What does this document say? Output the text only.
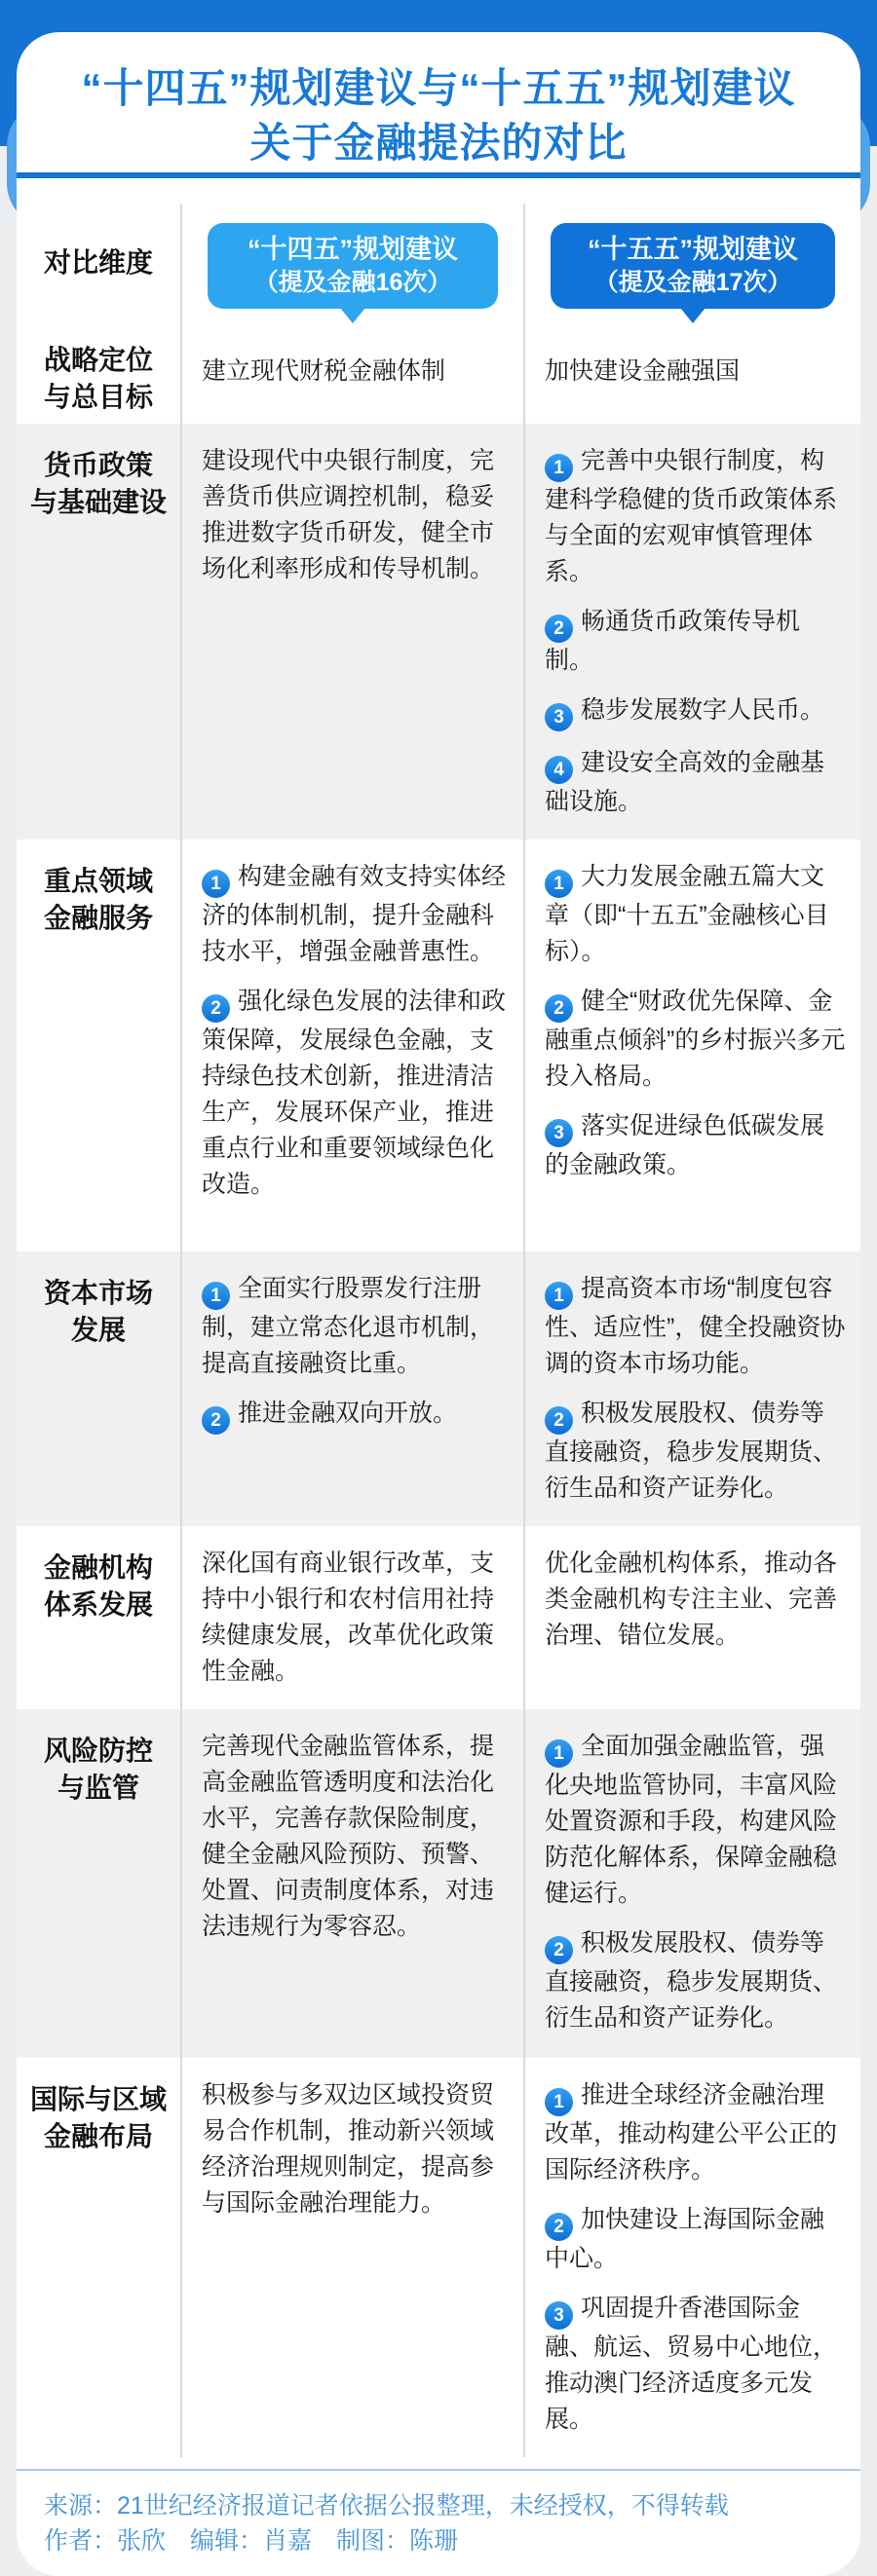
“十四五”规划建议与“十五五”规划建议
关于金融提法的对比
对比维度	“十四五”规划建议
（提及金融16次）
“十五五”规划建议
（提及金融17次）
战略定位
与总目标
建立现代财税金融体制	加快建设金融强国
货币政策
与基础建设
建设现代中央银行制度，完善货币供应调控机制，稳妥推进数字货币研发，健全市场化利率形成和传导机制。
1 完善中央银行制度，构建科学稳健的货币政策体系与全面的宏观审慎管理体系。
2 畅通货币政策传导机制。
3 稳步发展数字人民币。
4 建设安全高效的金融基础设施。
重点领域
金融服务
1 构建金融有效支持实体经济的体制机制，提升金融科技水平，增强金融普惠性。
2 强化绿色发展的法律和政策保障，发展绿色金融，支持绿色技术创新，推进清洁生产，发展环保产业，推进重点行业和重要领域绿色化改造。
1 大力发展金融五篇大文章（即“十五五”金融核心目标）。
2 健全“财政优先保障、金融重点倾斜”的乡村振兴多元投入格局。
3 落实促进绿色低碳发展的金融政策。
资本市场
发展
1 全面实行股票发行注册制，建立常态化退市机制，提高直接融资比重。
2 推进金融双向开放。
1 提高资本市场“制度包容性、适应性”，健全投融资协调的资本市场功能。
2 积极发展股权、债券等直接融资，稳步发展期货、衍生品和资产证券化。
金融机构
体系发展
深化国有商业银行改革，支持中小银行和农村信用社持续健康发展，改革优化政策性金融。
优化金融机构体系，推动各类金融机构专注主业、完善治理、错位发展。
风险防控
与监管
完善现代金融监管体系，提高金融监管透明度和法治化水平，完善存款保险制度，健全金融风险预防、预警、处置、问责制度体系，对违法违规行为零容忍。
1 全面加强金融监管，强化央地监管协同，丰富风险处置资源和手段，构建风险防范化解体系，保障金融稳健运行。
2 积极发展股权、债券等直接融资，稳步发展期货、衍生品和资产证券化。
国际与区域
金融布局
积极参与多双边区域投资贸易合作机制，推动新兴领域经济治理规则制定，提高参与国际金融治理能力。
1 推进全球经济金融治理改革，推动构建公平公正的国际经济秩序。
2 加快建设上海国际金融中心。
3 巩固提升香港国际金融、航运、贸易中心地位，推动澳门经济适度多元发展。
来源：21世纪经济报道记者依据公报整理，未经授权，不得转载
作者：张欣　编辑：肖嘉　制图：陈珊
